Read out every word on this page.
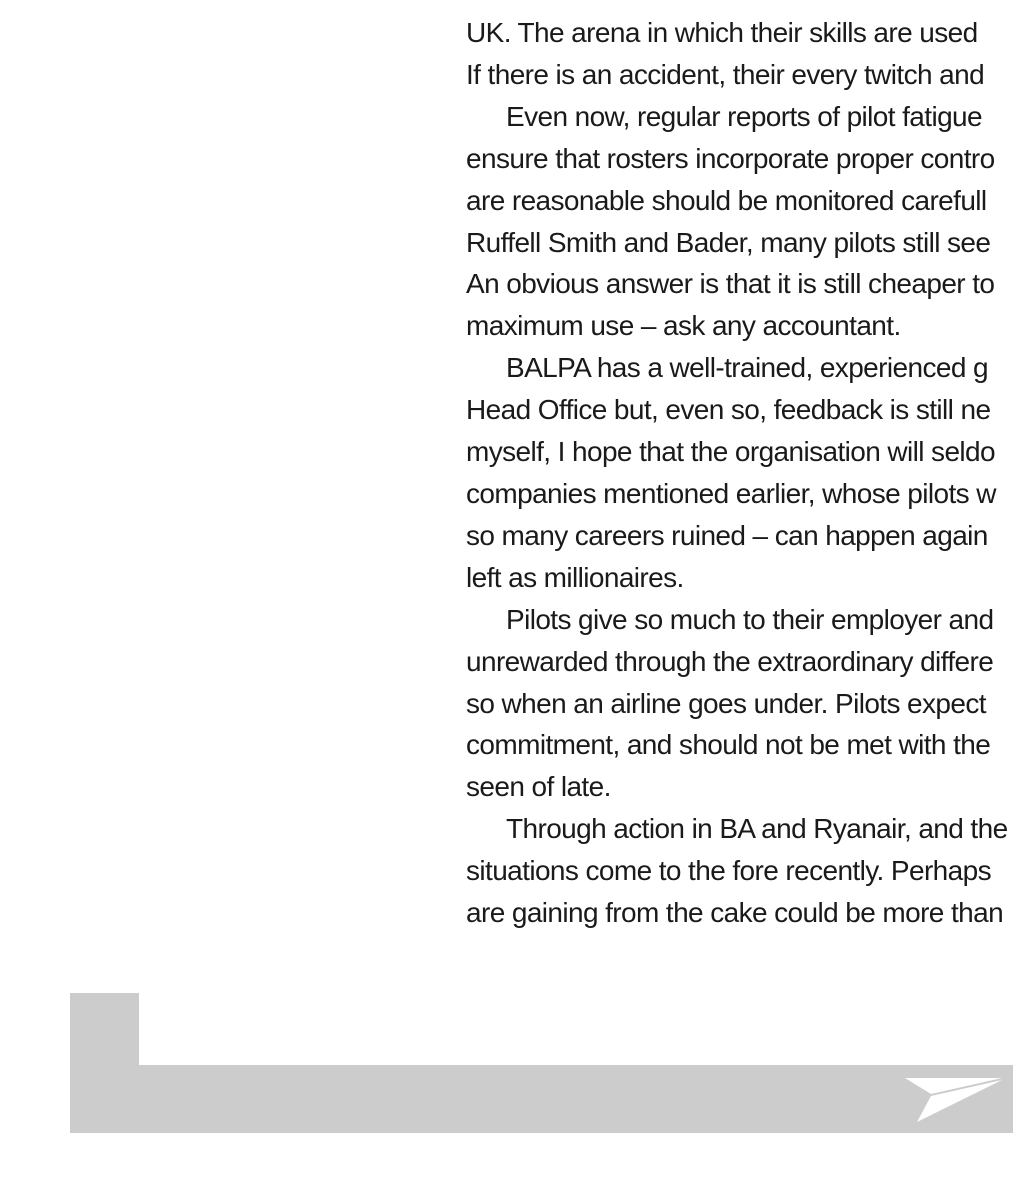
UK. The arena in which their skills are used
If there is an accident, their every twitch and
Even now, regular reports of pilot fatigue
ensure that rosters incorporate proper contro
are reasonable should be monitored carefull
Ruffell Smith and Bader, many pilots still see
An obvious answer is that it is still cheaper to
maximum use – ask any accountant.
BALPA has a well-trained, experienced g
Head Office but, even so, feedback is still ne
myself, I hope that the organisation will seldo
companies mentioned earlier, whose pilots w
so many careers ruined – can happen again
left as millionaires.
Pilots give so much to their employer and
unrewarded through the extraordinary differe
so when an airline goes under. Pilots expect
commitment, and should not be met with the
seen of late.
Through action in BA and Ryanair, and the
situations come to the fore recently. Perhaps
are gaining from the cake could be more than
